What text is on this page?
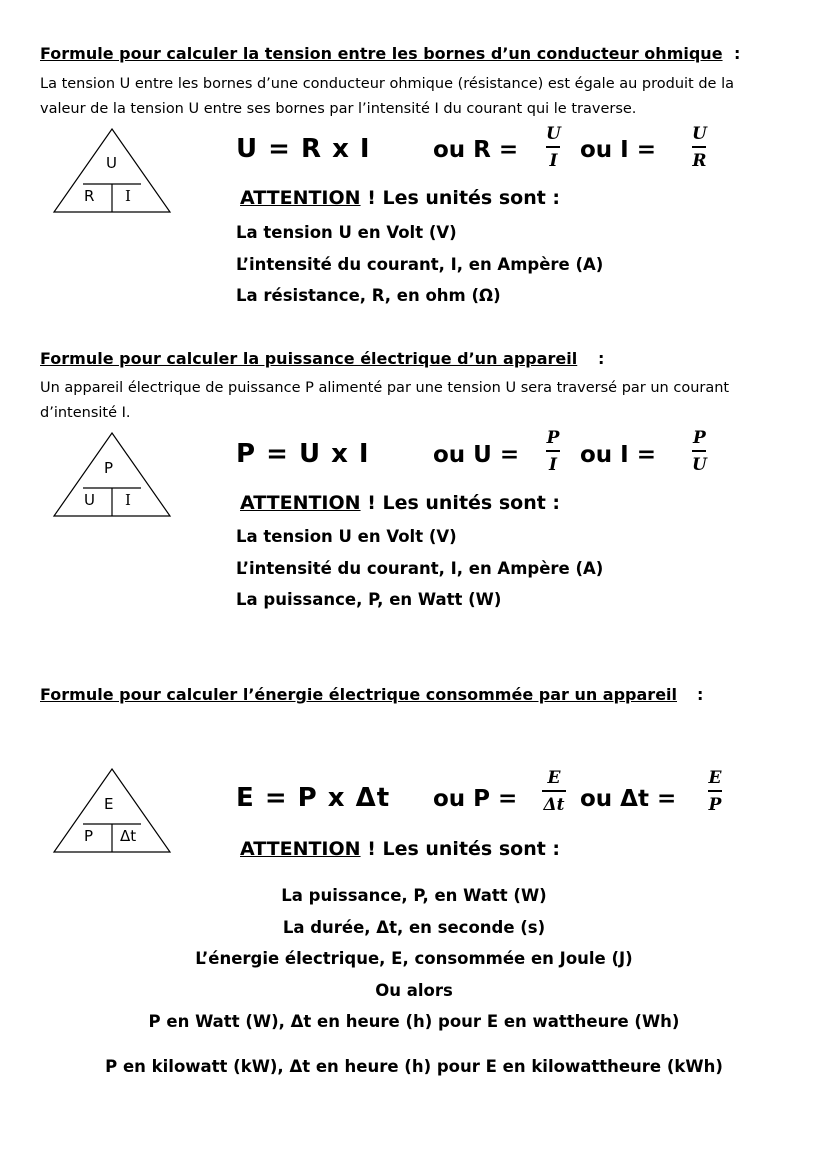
Formule pour calculer la tension entre les bornes d’un conducteur ohmique :
La tension U entre les bornes d’une conducteur ohmique (résistance) est égale au produit de la
valeur de la tension U entre ses bornes par l’intensité I du courant qui le traverse.
U
R I
U = R x I	ou R =
U
I ou I =
U
R
ATTENTION ! Les unités sont :
La tension U en Volt (V)
L’intensité du courant, I, en Ampère (A)
La résistance, R, en ohm (Ω)
Formule pour calculer la puissance électrique d’un appareil :
Un appareil électrique de puissance P alimenté par une tension U sera traversé par un courant
d’intensité I.
P
U I
P = U x I	ou U =
P
I ou I =
P
U
ATTENTION ! Les unités sont :
La tension U en Volt (V)
L’intensité du courant, I, en Ampère (A)
La puissance, P, en Watt (W)
Formule pour calculer l’énergie électrique consommée par un appareil :
E
P Δt
E = P x Δt ou P =
E
Δt ou Δt =
E
P
ATTENTION ! Les unités sont :
La puissance, P, en Watt (W)
La durée, Δt, en seconde (s)
L’énergie électrique, E, consommée en Joule (J)
Ou alors
P en Watt (W), Δt en heure (h) pour E en wattheure (Wh)
P en kilowatt (kW), Δt en heure (h) pour E en kilowattheure (kWh)
